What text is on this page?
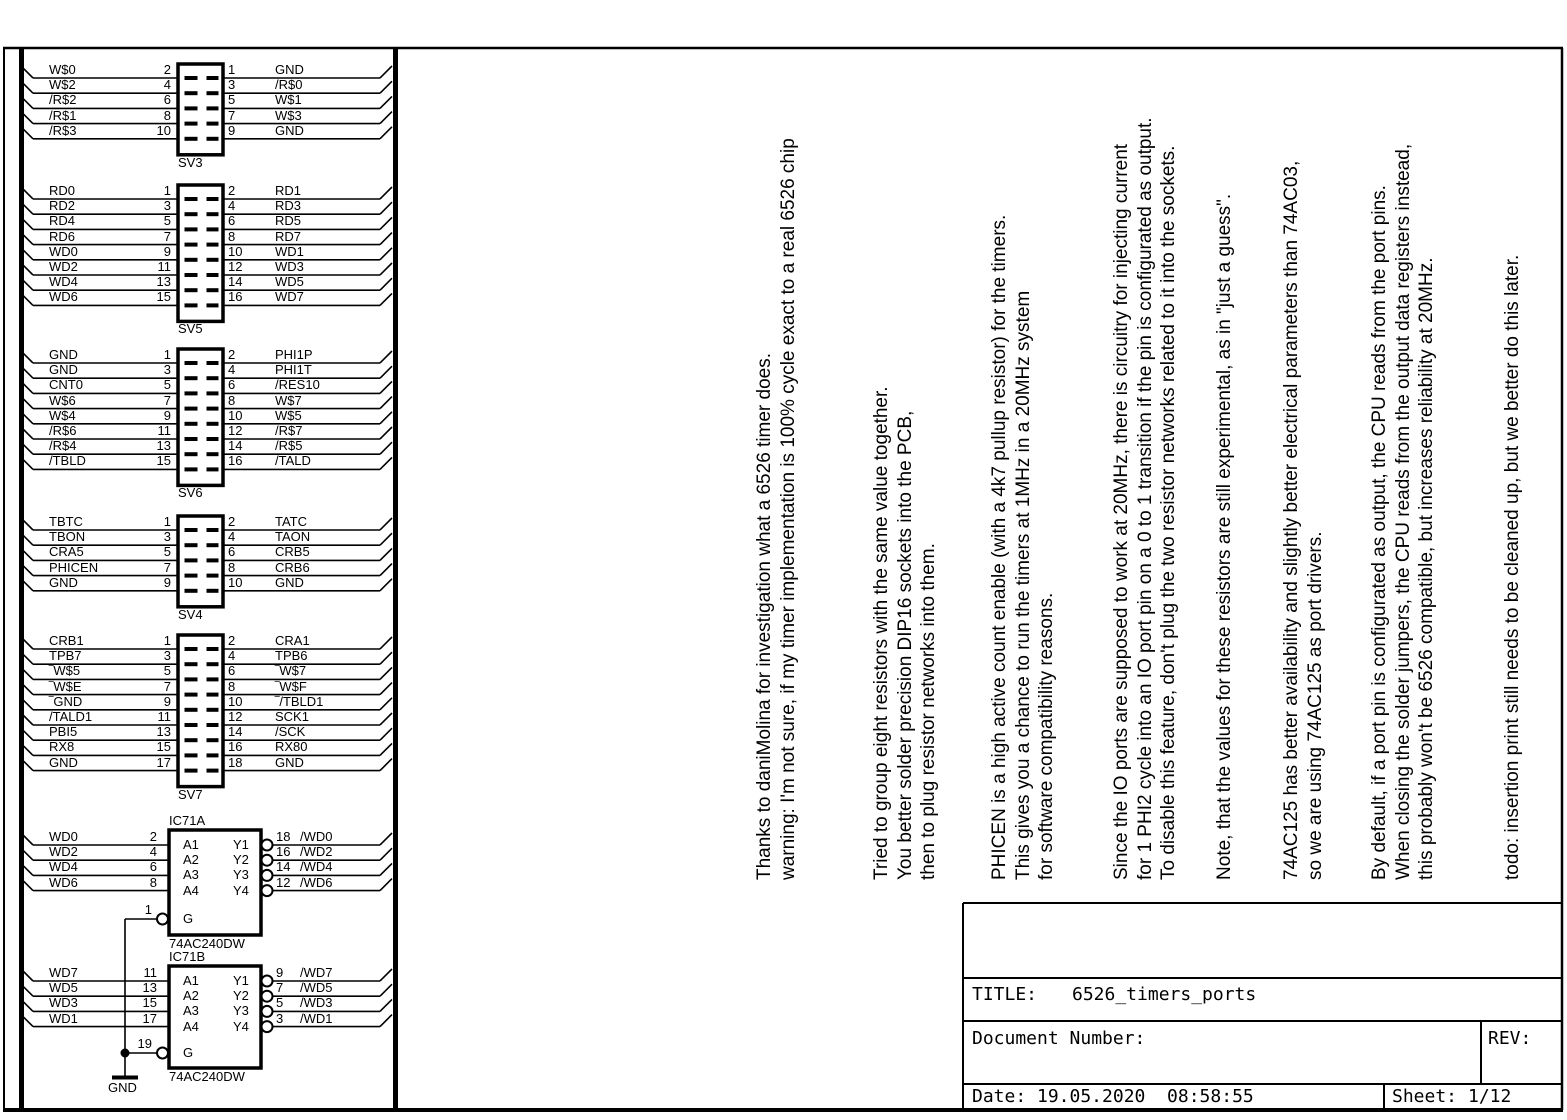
TITLE: 6526_timers_ports
Document Number:	REV:
Date: 19.05.2020  08:58:55	Sheet: 1/12
W$0	2	1	GND
W$2	4	3	/R$0
/R$2	6	5	W$1
/R$1	8	7	W$3
/R$3	10	9	GND
SV3
RD0	1	2	RD1
RD2	3	4	RD3
RD4	5	6	RD5
RD6	7	8	RD7
WD0	9	10	WD1
WD2	11	12	WD3
WD4	13	14	WD5
WD6	15	16	WD7
SV5
GND	1	2	PHI1P
GND	3	4	PHI1T
CNT0	5	6	/RES10
W$6	7	8	W$7
W$4	9	10	W$5
/R$6	11	12	/R$7
/R$4	13	14	/R$5
/TBLD	15	16	/TALD
SV6
TBTC	1	2	TATC
TBON	3	4	TAON
CRA5	5	6	CRB5
PHICEN	7	8	CRB6
GND	9	10	GND
SV4
CRB1	1	2	CRA1
TPB7	3	4	TPB6
‾W$5	5	6	‾W$7
‾W$E	7	8	‾W$F
‾GND	9	10	‾/TBLD1
/TALD1	11	12	SCK1
PBI5	13	14	/SCK
RX8	15	16	RX80
GND	17	18	GND
SV7
IC71A
74AC240DW
WD0	2
A1
WD2	4
A2
WD4	6
A3
WD6	8
A4
18 /WD0
Y1 16 /WD2
Y2 14 /WD4
Y3 12 /WD6
Y4
1
G
IC71B
74AC240DW
WD7	11
A1
WD5	13
A2
WD3	15
A3
WD1	17
A4
9 /WD7
Y1 7 /WD5
Y2 5 /WD3
Y3 3 /WD1
Y4
19
G
GND
Thanks to daniMolina for investigation what a 6526 timer does. warning: I'm not sure, if my timer implementation is 100% cycle exact to a real 6526 chip	Tried to group eight resistors with the same value together. You better solder precision DIP16 sockets into the PCB, then to plug resistor networks into them.	PHICEN is a high active count enable (with a 4k7 pullup resistor) for the timers. This gives you a chance to run the timers at 1MHz in a 20MHz system for software compatibility reasons.	Since the IO ports are supposed to work at 20MHz, there is circuitry for injecting current for 1 PHI2 cycle into an IO port pin on a 0 to 1 transition if the pin is configurated as output. To disable this feature, don't plug the two resistor networks related to it into the sockets. Note, that the values for these resistors are still experimental, as in "just a guess". 74AC125 has better availability and slightly better electrical parameters than 74AC03, so we are using 74AC125 as port drivers. By default, if a port pin is configurated as output, the CPU reads from the port pins. When closing the solder jumpers, the CPU reads from the output data registers instead, this probably won't be 6526 compatible, but increases reliability at 20MHz.	todo: insertion print still needs to be cleaned up, but we better do this later.
